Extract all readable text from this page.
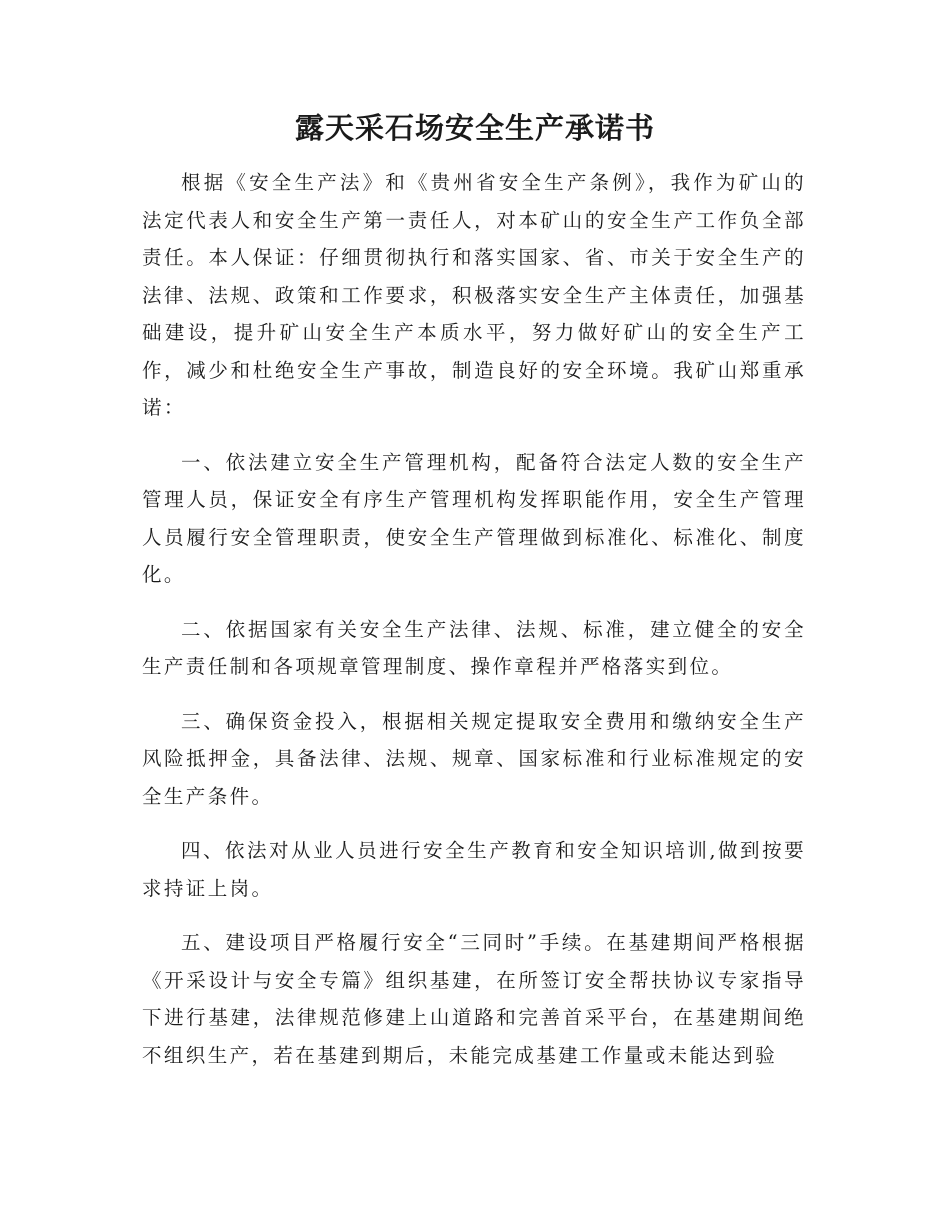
露天采石场安全生产承诺书

根据《安全生产法》和《贵州省安全生产条例》，我作为矿山的法定代表人和安全生产第一责任人，对本矿山的安全生产工作负全部责任。本人保证：仔细贯彻执行和落实国家、省、市关于安全生产的法律、法规、政策和工作要求，积极落实安全生产主体责任，加强基础建设，提升矿山安全生产本质水平，努力做好矿山的安全生产工作，减少和杜绝安全生产事故，制造良好的安全环境。我矿山郑重承诺：

一、依法建立安全生产管理机构，配备符合法定人数的安全生产管理人员，保证安全有序生产管理机构发挥职能作用，安全生产管理人员履行安全管理职责，使安全生产管理做到标准化、标准化、制度化。

二、依据国家有关安全生产法律、法规、标准，建立健全的安全生产责任制和各项规章管理制度、操作章程并严格落实到位。

三、确保资金投入，根据相关规定提取安全费用和缴纳安全生产风险抵押金，具备法律、法规、规章、国家标准和行业标准规定的安全生产条件。

四、依法对从业人员进行安全生产教育和安全知识培训,做到按要求持证上岗。

五、建设项目严格履行安全“三同时”手续。在基建期间严格根据《开采设计与安全专篇》组织基建，在所签订安全帮扶协议专家指导下进行基建，法律规范修建上山道路和完善首采平台，在基建期间绝不组织生产，若在基建到期后，未能完成基建工作量或未能达到验
